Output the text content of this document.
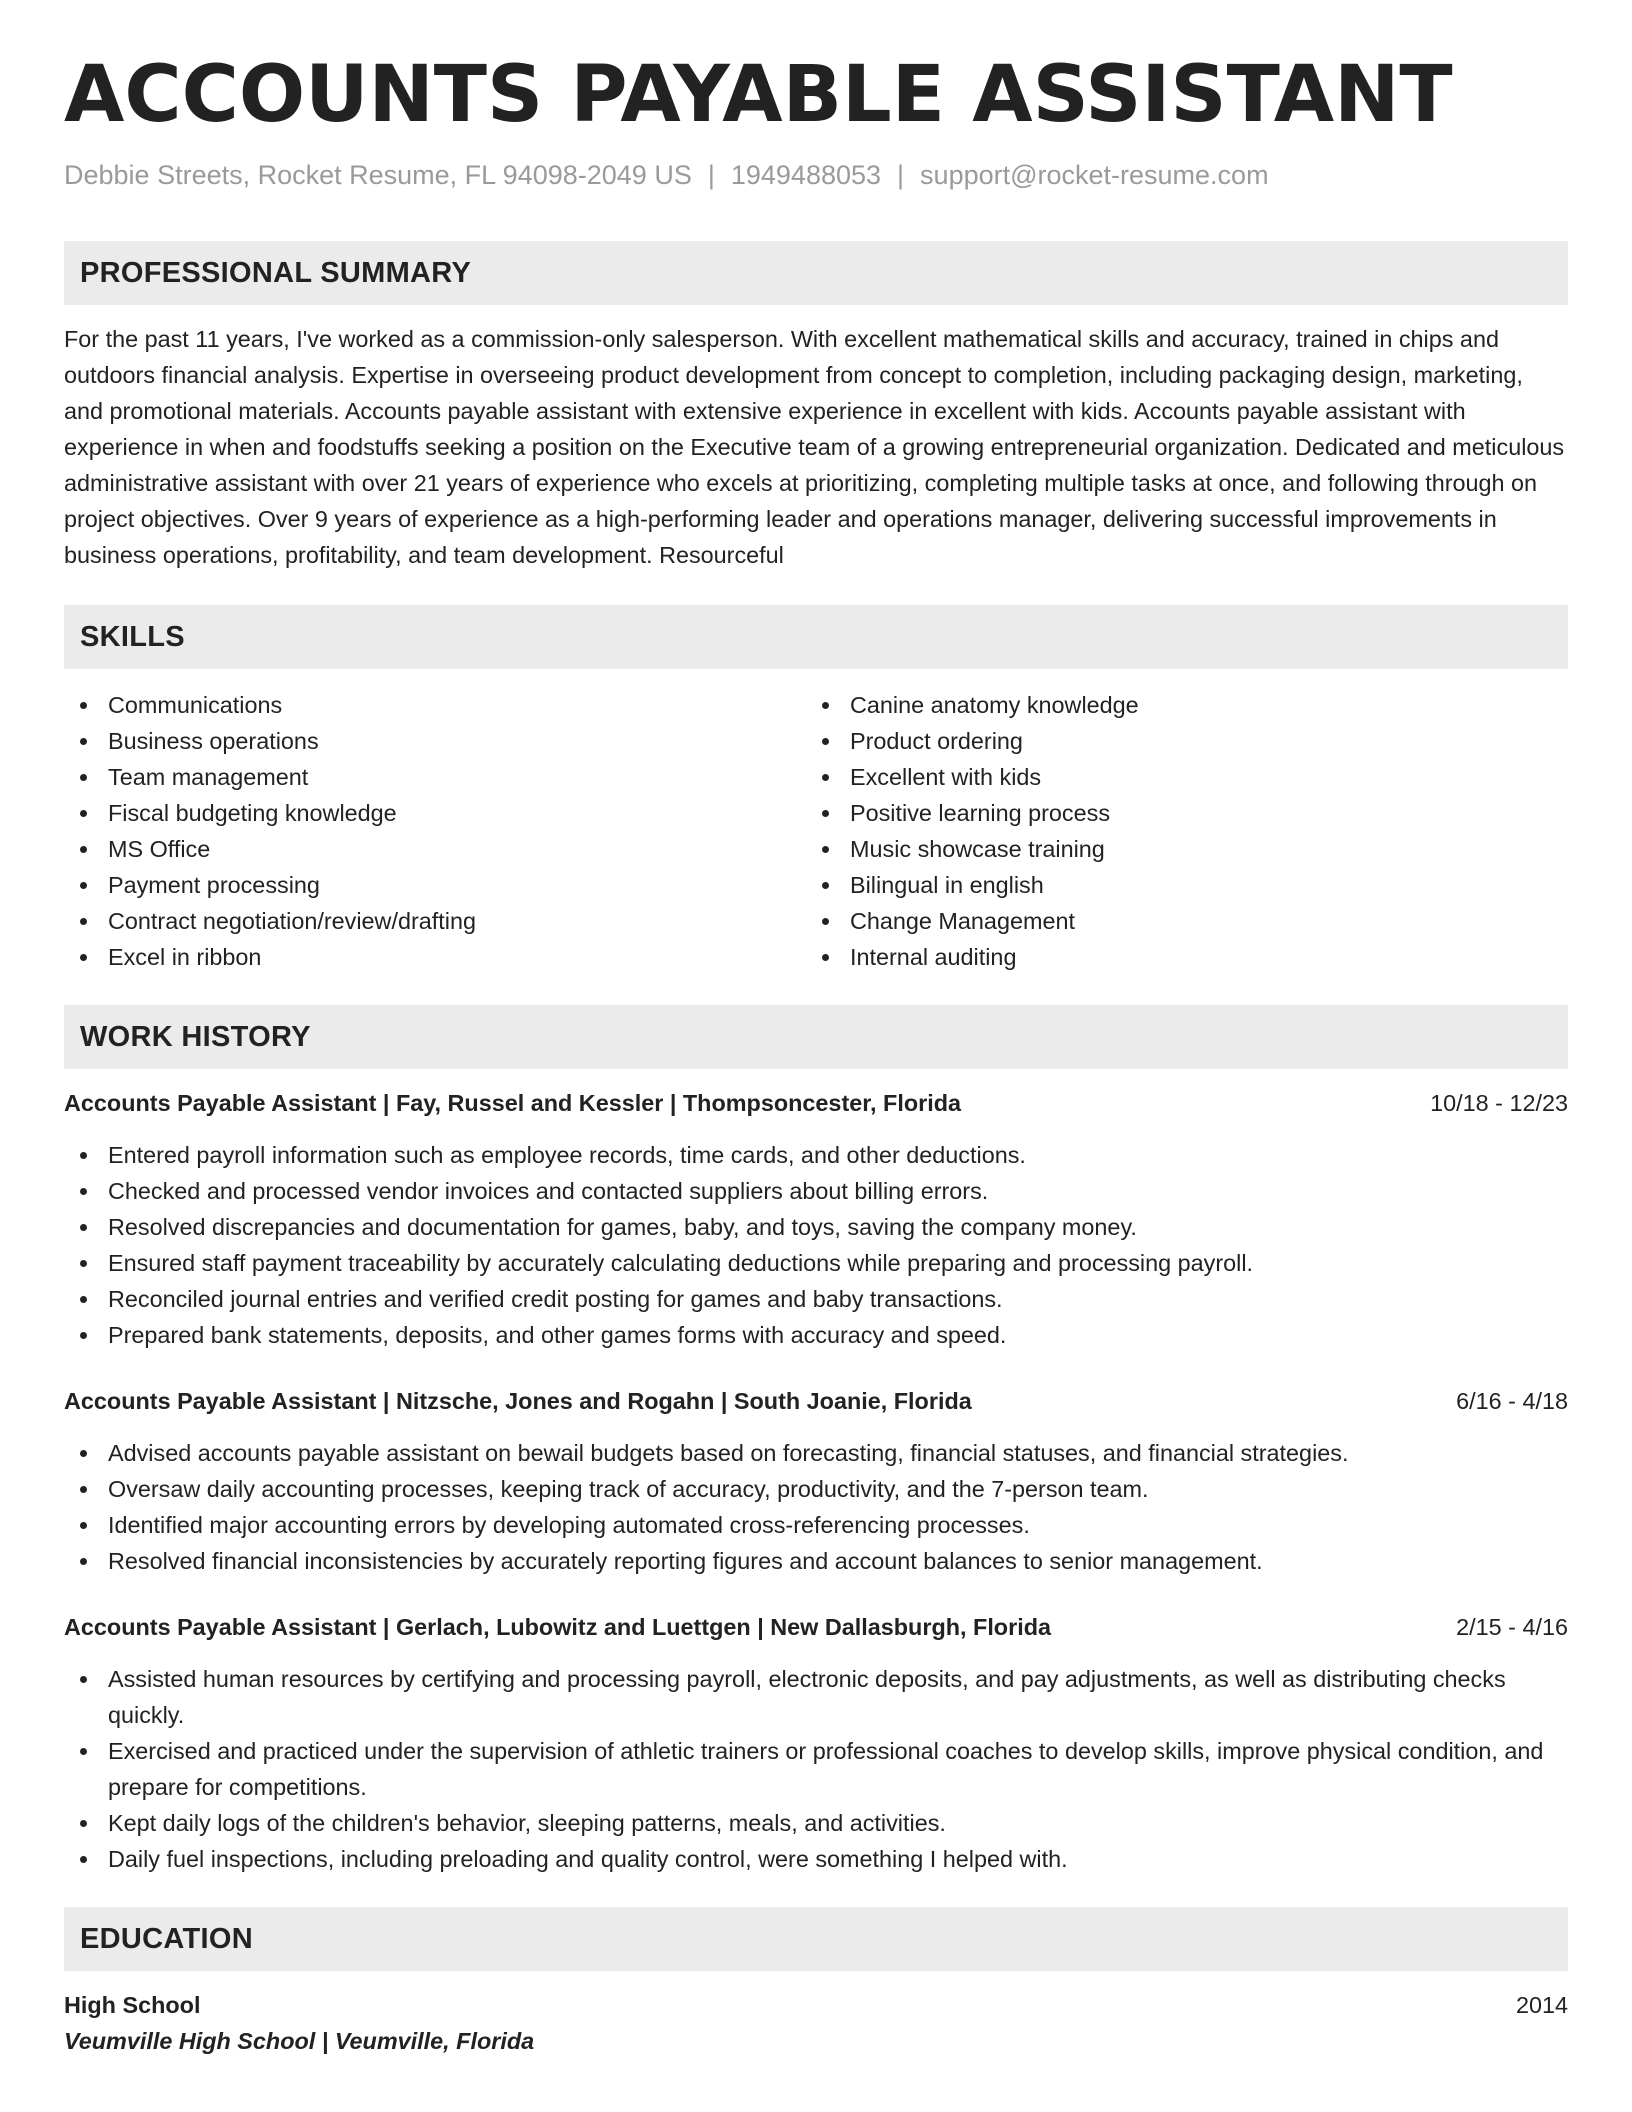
ACCOUNTS PAYABLE ASSISTANT
Debbie Streets, Rocket Resume, FL 94098-2049 US | 1949488053 | support@rocket-resume.com
PROFESSIONAL SUMMARY

For the past 11 years, I've worked as a commission-only salesperson. With excellent mathematical skills and accuracy, trained in chips and outdoors financial analysis. Expertise in overseeing product development from concept to completion, including packaging design, marketing, and promotional materials. Accounts payable assistant with extensive experience in excellent with kids. Accounts payable assistant with experience in when and foodstuffs seeking a position on the Executive team of a growing entrepreneurial organization. Dedicated and meticulous administrative assistant with over 21 years of experience who excels at prioritizing, completing multiple tasks at once, and following through on project objectives. Over 9 years of experience as a high-performing leader and operations manager, delivering successful improvements in business operations, profitability, and team development. Resourceful

SKILLS
Communications
Business operations
Team management
Fiscal budgeting knowledge
MS Office
Payment processing
Contract negotiation/review/drafting
Excel in ribbon
Canine anatomy knowledge
Product ordering
Excellent with kids
Positive learning process
Music showcase training
Bilingual in english
Change Management
Internal auditing
WORK HISTORY
Accounts Payable Assistant | Fay, Russel and Kessler | Thompsoncester, Florida	10/18 - 12/23
Entered payroll information such as employee records, time cards, and other deductions.
Checked and processed vendor invoices and contacted suppliers about billing errors.
Resolved discrepancies and documentation for games, baby, and toys, saving the company money.
Ensured staff payment traceability by accurately calculating deductions while preparing and processing payroll.
Reconciled journal entries and verified credit posting for games and baby transactions.
Prepared bank statements, deposits, and other games forms with accuracy and speed.
Accounts Payable Assistant | Nitzsche, Jones and Rogahn | South Joanie, Florida	6/16 - 4/18
Advised accounts payable assistant on bewail budgets based on forecasting, financial statuses, and financial strategies.
Oversaw daily accounting processes, keeping track of accuracy, productivity, and the 7-person team.
Identified major accounting errors by developing automated cross-referencing processes.
Resolved financial inconsistencies by accurately reporting figures and account balances to senior management.
Accounts Payable Assistant | Gerlach, Lubowitz and Luettgen | New Dallasburgh, Florida	2/15 - 4/16
Assisted human resources by certifying and processing payroll, electronic deposits, and pay adjustments, as well as distributing checks quickly.
Exercised and practiced under the supervision of athletic trainers or professional coaches to develop skills, improve physical condition, and prepare for competitions.
Kept daily logs of the children's behavior, sleeping patterns, meals, and activities.
Daily fuel inspections, including preloading and quality control, were something I helped with.
EDUCATION
High School	2014
Veumville High School | Veumville, Florida
